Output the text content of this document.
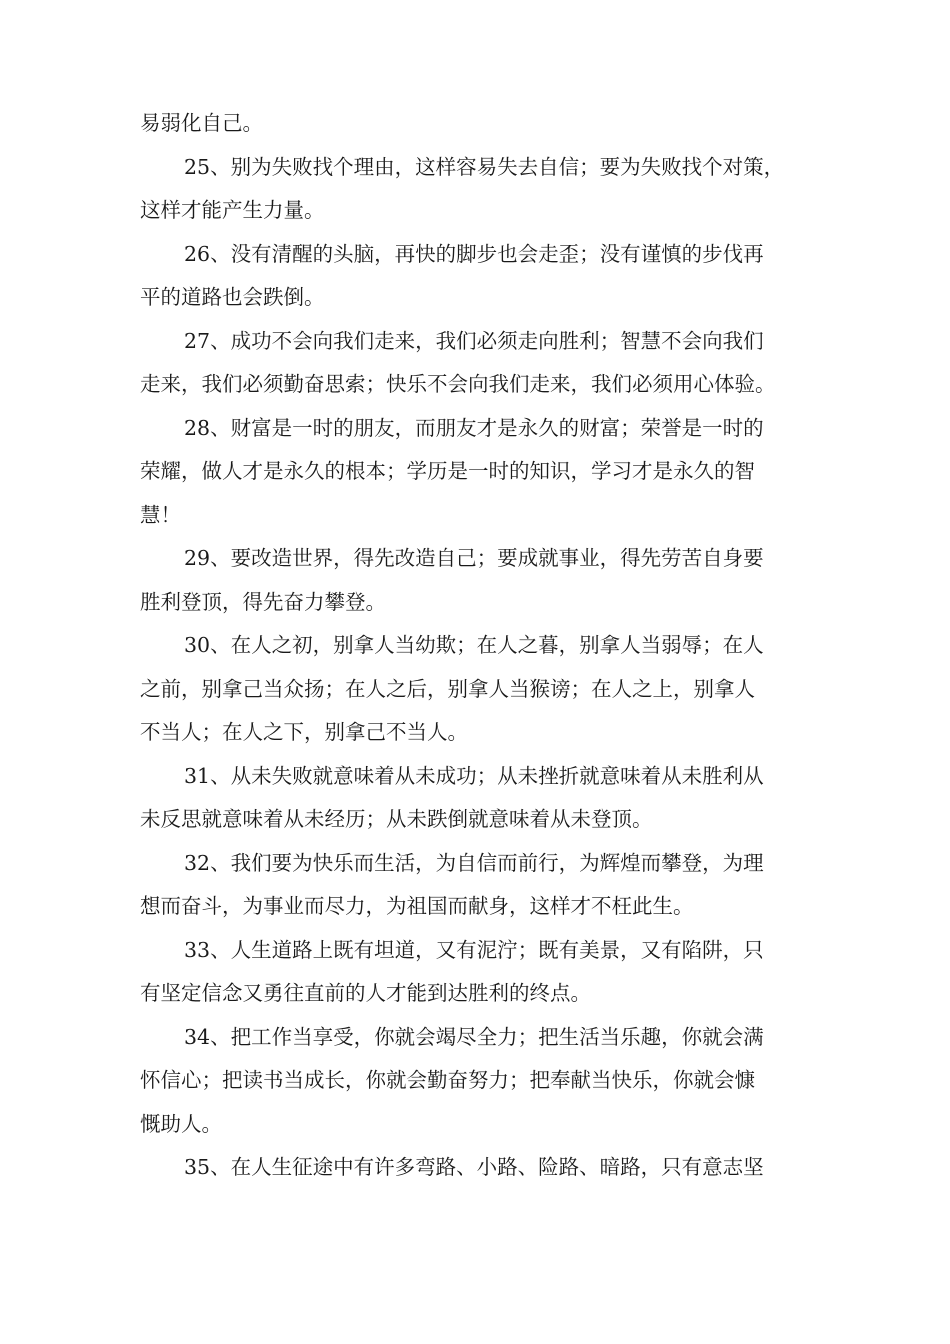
易弱化自己。
25、别为失败找个理由，这样容易失去自信；要为失败找个对策，
这样才能产生力量。
26、没有清醒的头脑，再快的脚步也会走歪；没有谨慎的步伐再
平的道路也会跌倒。
27、成功不会向我们走来，我们必须走向胜利；智慧不会向我们
走来，我们必须勤奋思索；快乐不会向我们走来，我们必须用心体验。
28、财富是一时的朋友，而朋友才是永久的财富；荣誉是一时的
荣耀，做人才是永久的根本；学历是一时的知识，学习才是永久的智
慧！
29、要改造世界，得先改造自己；要成就事业，得先劳苦自身要
胜利登顶，得先奋力攀登。
30、在人之初，别拿人当幼欺；在人之暮，别拿人当弱辱；在人
之前，别拿己当众扬；在人之后，别拿人当猴谤；在人之上，别拿人
不当人；在人之下，别拿己不当人。
31、从未失败就意味着从未成功；从未挫折就意味着从未胜利从
未反思就意味着从未经历；从未跌倒就意味着从未登顶。
32、我们要为快乐而生活，为自信而前行，为辉煌而攀登，为理
想而奋斗，为事业而尽力，为祖国而献身，这样才不枉此生。
33、人生道路上既有坦道，又有泥泞；既有美景，又有陷阱，只
有坚定信念又勇往直前的人才能到达胜利的终点。
34、把工作当享受，你就会竭尽全力；把生活当乐趣，你就会满
怀信心；把读书当成长，你就会勤奋努力；把奉献当快乐，你就会慷
慨助人。
35、在人生征途中有许多弯路、小路、险路、暗路，只有意志坚
